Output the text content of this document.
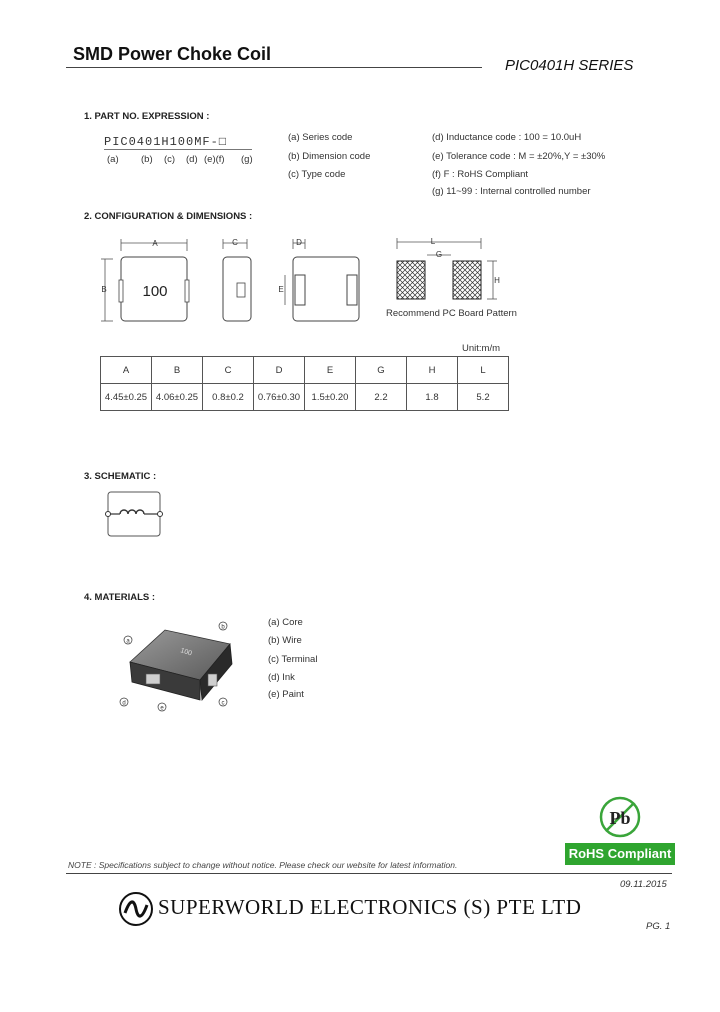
SMD Power Choke Coil
PIC0401H SERIES
1. PART NO. EXPRESSION :
PIC0401H100MF-□
(a) (b) (c) (d) (e)(f) (g)
(a) Series code
(b) Dimension code
(c) Type code
(d) Inductance code : 100 = 10.0uH
(e) Tolerance code : M = ±20%,Y = ±30%
(f) F : RoHS Compliant
(g) 11~99 : Internal controlled number
2. CONFIGURATION & DIMENSIONS :
A
B 100
C	D
E
L
G
H
Recommend PC Board Pattern
Unit:m/m
A	B	C	D	E	G	H	L
4.45±0.25	4.06±0.25	0.8±0.2	0.76±0.30	1.5±0.20	2.2	1.8	5.2
3. SCHEMATIC :
4. MATERIALS :
100
a
b
c
d
e
(a) Core
(b) Wire
(c) Terminal
(d) Ink
(e) Paint
Pb
RoHS Compliant
NOTE : Specifications subject to change without notice. Please check our website for latest information.
09.11.2015
SUPERWORLD ELECTRONICS (S) PTE LTD
PG. 1
